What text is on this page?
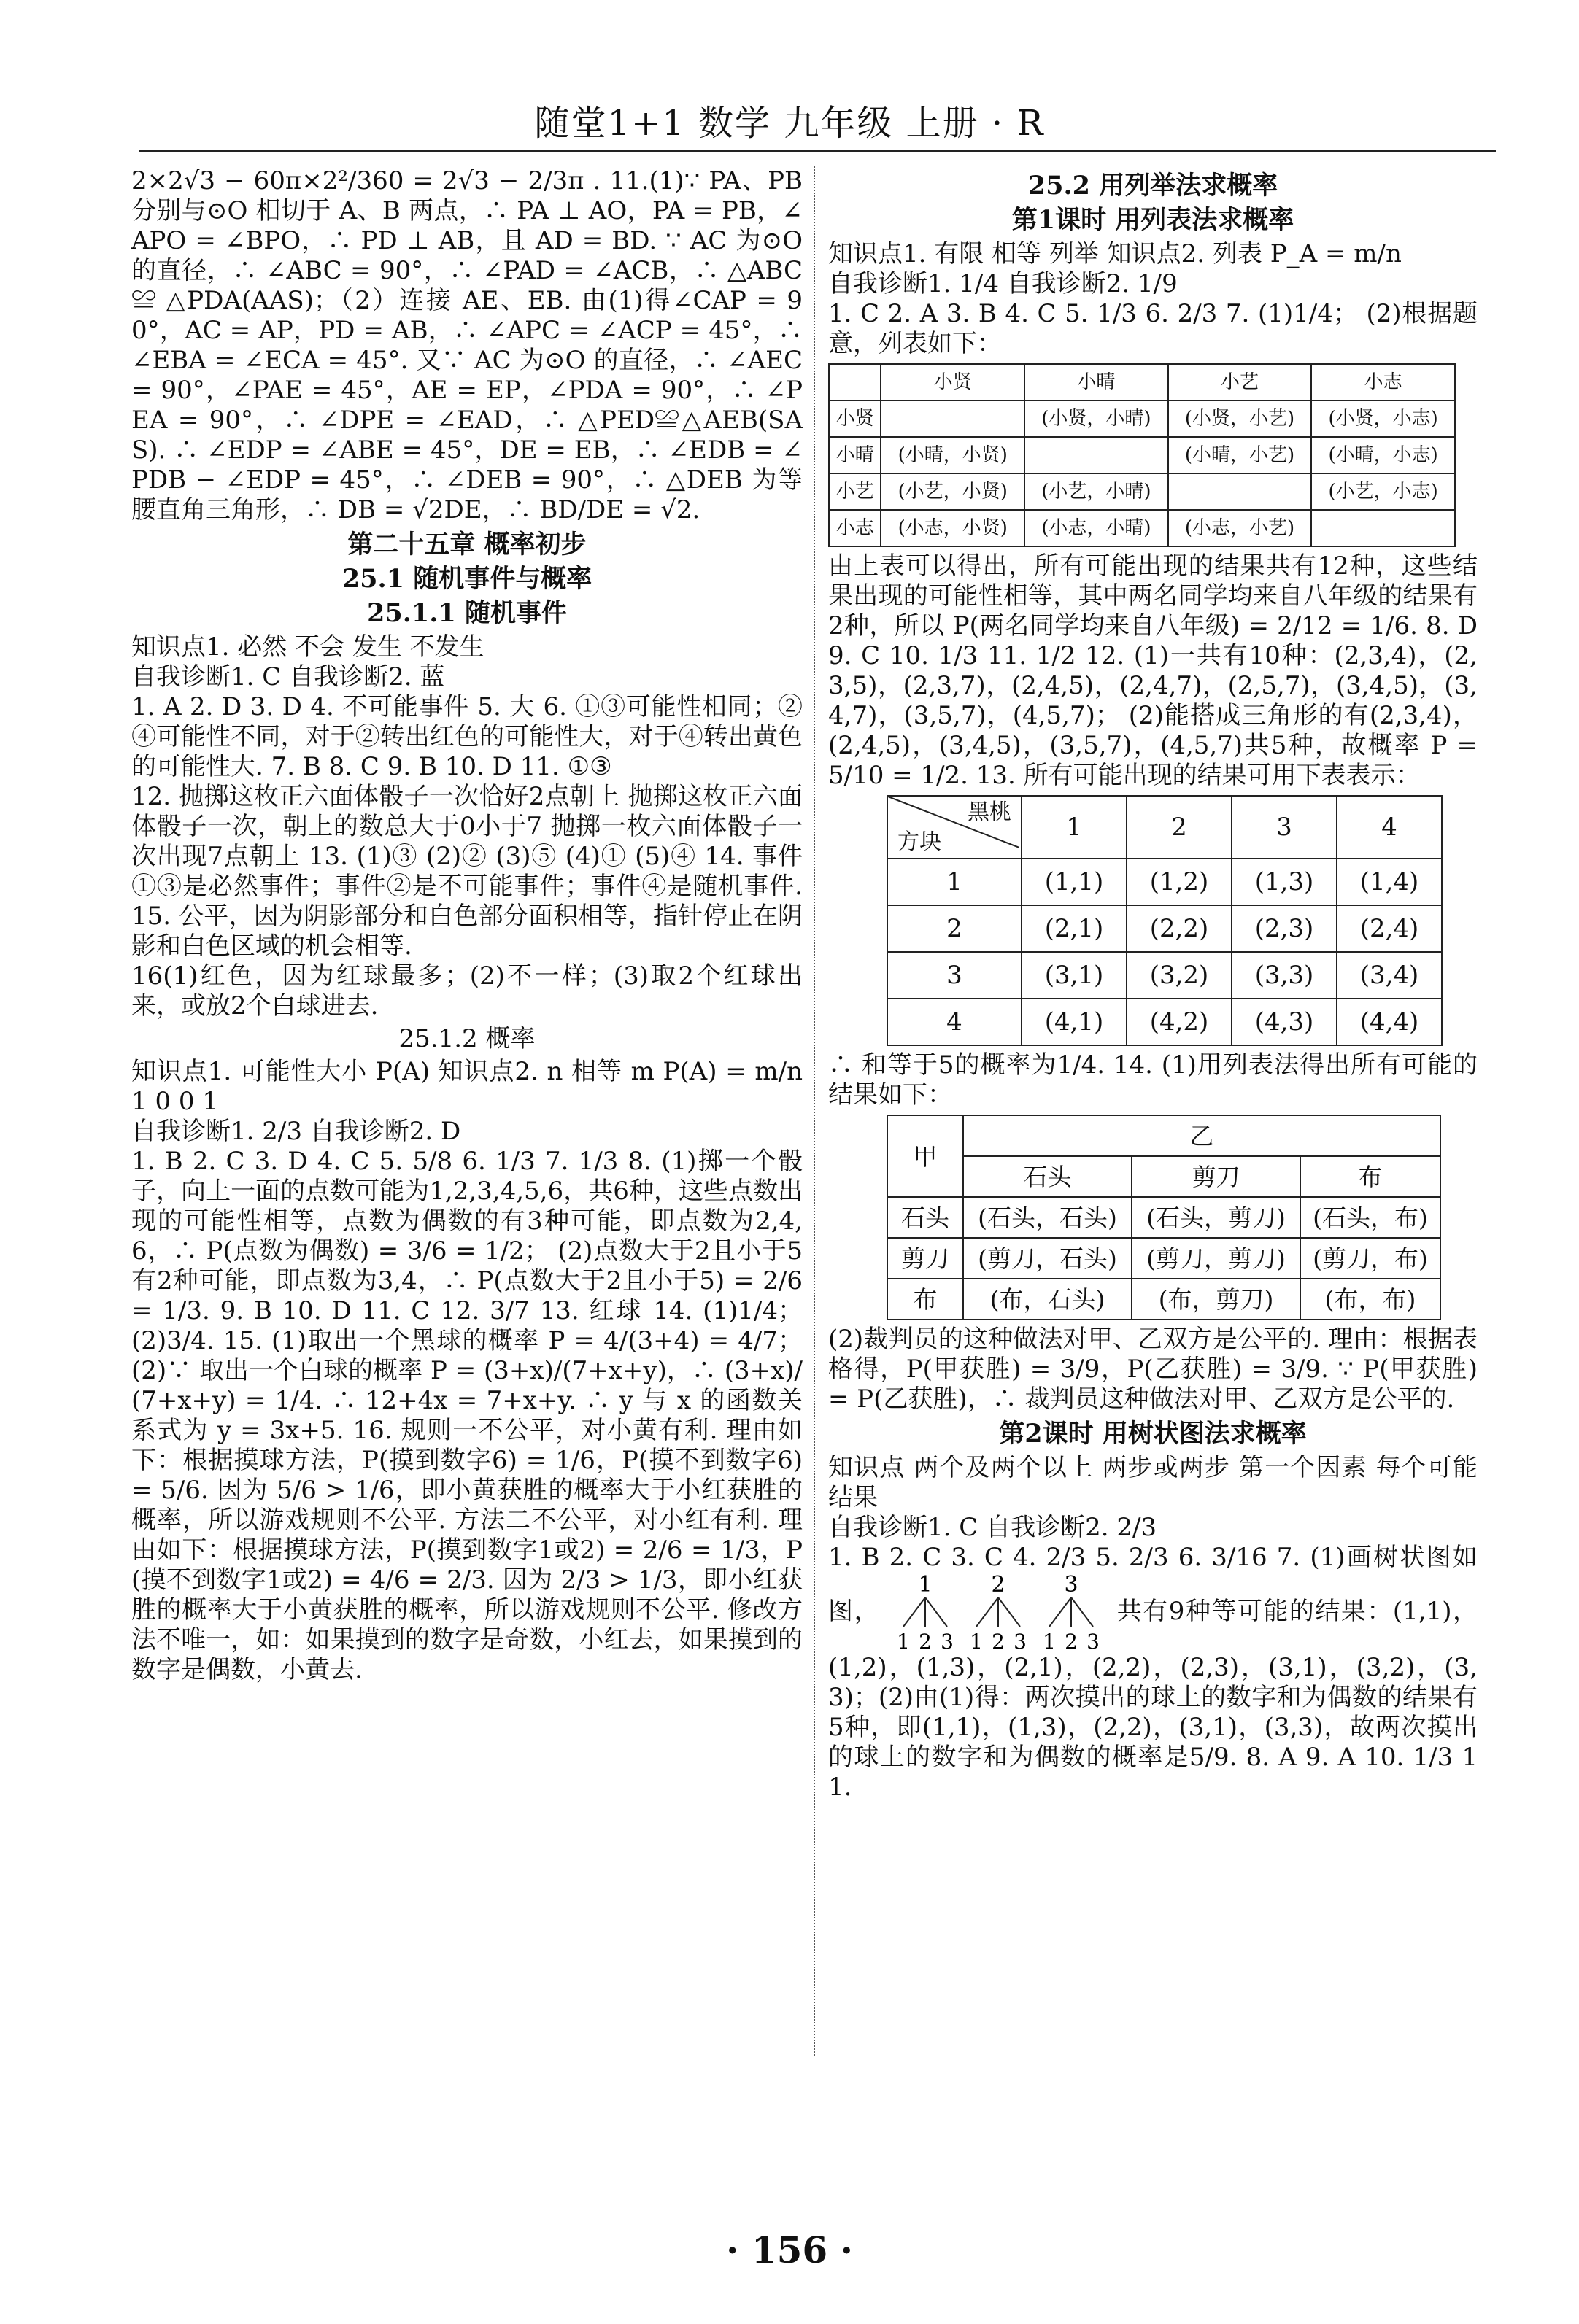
随堂1+1 数学 九年级 上册 · R

2×2√3 − 60π×2²/360 = 2√3 − 2/3π . 11.(1)∵ PA、PB 分别与⊙O 相切于 A、B 两点，∴ PA ⊥ AO，PA = PB，∠APO = ∠BPO，∴ PD ⊥ AB，且 AD = BD. ∵ AC 为⊙O 的直径，∴ ∠ABC = 90°，∴ ∠PAD = ∠ACB，∴ △ABC ≌ △PDA(AAS)；（2）连接 AE、EB. 由(1)得∠CAP = 90°，AC = AP，PD = AB，∴ ∠APC = ∠ACP = 45°，∴ ∠EBA = ∠ECA = 45°. 又∵ AC 为⊙O 的直径，∴ ∠AEC = 90°，∠PAE = 45°，AE = EP，∠PDA = 90°，∴ ∠PEA = 90°，∴ ∠DPE = ∠EAD，∴ △PED≌△AEB(SAS). ∴ ∠EDP = ∠ABE = 45°，DE = EB，∴ ∠EDB = ∠PDB − ∠EDP = 45°，∴ ∠DEB = 90°，∴ △DEB 为等腰直角三角形，∴ DB = √2DE，∴ BD/DE = √2.

第二十五章 概率初步
25.1 随机事件与概率
25.1.1 随机事件

知识点1. 必然 不会 发生 不发生

自我诊断1. C 自我诊断2. 蓝

1. A 2. D 3. D 4. 不可能事件 5. 大 6. ①③可能性相同；②④可能性不同，对于②转出红色的可能性大，对于④转出黄色的可能性大. 7. B 8. C 9. B 10. D 11. ①③

12. 抛掷这枚正六面体骰子一次恰好2点朝上 抛掷这枚正六面体骰子一次，朝上的数总大于0小于7 抛掷一枚六面体骰子一次出现7点朝上 13. (1)③ (2)② (3)⑤ (4)① (5)④ 14. 事件①③是必然事件；事件②是不可能事件；事件④是随机事件. 15. 公平，因为阴影部分和白色部分面积相等，指针停止在阴影和白色区域的机会相等.

16(1)红色，因为红球最多；(2)不一样；(3)取2个红球出来，或放2个白球进去.

25.1.2 概率

知识点1. 可能性大小 P(A) 知识点2. n 相等 m P(A) = m/n 1 0 0 1

自我诊断1. 2/3 自我诊断2. D

1. B 2. C 3. D 4. C 5. 5/8 6. 1/3 7. 1/3 8. (1)掷一个骰子，向上一面的点数可能为1,2,3,4,5,6，共6种，这些点数出现的可能性相等，点数为偶数的有3种可能，即点数为2,4,6，∴ P(点数为偶数) = 3/6 = 1/2； (2)点数大于2且小于5有2种可能，即点数为3,4，∴ P(点数大于2且小于5) = 2/6 = 1/3. 9. B 10. D 11. C 12. 3/7 13. 红球 14. (1)1/4； (2)3/4. 15. (1)取出一个黑球的概率 P = 4/(3+4) = 4/7； (2)∵ 取出一个白球的概率 P = (3+x)/(7+x+y)，∴ (3+x)/(7+x+y) = 1/4. ∴ 12+4x = 7+x+y. ∴ y 与 x 的函数关系式为 y = 3x+5. 16. 规则一不公平，对小黄有利. 理由如下：根据摸球方法，P(摸到数字6) = 1/6，P(摸不到数字6) = 5/6. 因为 5/6 > 1/6，即小黄获胜的概率大于小红获胜的概率，所以游戏规则不公平. 方法二不公平，对小红有利. 理由如下：根据摸球方法，P(摸到数字1或2) = 2/6 = 1/3，P(摸不到数字1或2) = 4/6 = 2/3. 因为 2/3 > 1/3，即小红获胜的概率大于小黄获胜的概率，所以游戏规则不公平. 修改方法不唯一，如：如果摸到的数字是奇数，小红去，如果摸到的数字是偶数，小黄去.

25.2 用列举法求概率
第1课时 用列表法求概率

知识点1. 有限 相等 列举 知识点2. 列表 P_A = m/n

自我诊断1. 1/4 自我诊断2. 1/9

1. C 2. A 3. B 4. C 5. 1/3 6. 2/3 7. (1)1/4； (2)根据题意，列表如下：

	小贤	小晴	小艺	小志
小贤		(小贤，小晴)	(小贤，小艺)	(小贤，小志)
小晴	(小晴，小贤)		(小晴，小艺)	(小晴，小志)
小艺	(小艺，小贤)	(小艺，小晴)		(小艺，小志)
小志	(小志，小贤)	(小志，小晴)	(小志，小艺)	

由上表可以得出，所有可能出现的结果共有12种，这些结果出现的可能性相等，其中两名同学均来自八年级的结果有2种，所以 P(两名同学均来自八年级) = 2/12 = 1/6. 8. D 9. C 10. 1/3 11. 1/2 12. (1)一共有10种：(2,3,4)，(2,3,5)，(2,3,7)，(2,4,5)，(2,4,7)，(2,5,7)，(3,4,5)，(3,4,7)，(3,5,7)，(4,5,7)； (2)能搭成三角形的有(2,3,4)，(2,4,5)，(3,4,5)，(3,5,7)，(4,5,7)共5种，故概率 P = 5/10 = 1/2. 13. 所有可能出现的结果可用下表表示：

黑桃
方块	1	2	3	4
1	(1,1)	(1,2)	(1,3)	(1,4)
2	(2,1)	(2,2)	(2,3)	(2,4)
3	(3,1)	(3,2)	(3,3)	(3,4)
4	(4,1)	(4,2)	(4,3)	(4,4)

∴ 和等于5的概率为1/4. 14. (1)用列表法得出所有可能的结果如下：

甲	乙		
	石头	剪刀	布
石头	(石头，石头)	(石头，剪刀)	(石头，布)
剪刀	(剪刀，石头)	(剪刀，剪刀)	(剪刀，布)
布	(布，石头)	(布，剪刀)	(布，布)

(2)裁判员的这种做法对甲、乙双方是公平的. 理由：根据表格得，P(甲获胜) = 3/9，P(乙获胜) = 3/9. ∵ P(甲获胜) = P(乙获胜)，∴ 裁判员这种做法对甲、乙双方是公平的.

第2课时 用树状图法求概率

知识点 两个及两个以上 两步或两步 第一个因素 每个可能结果

自我诊断1. C 自我诊断2. 2/3

1. B 2. C 3. C 4. 2/3 5. 2/3 6. 3/16 7. (1)画树状图如图，
1	2	3
1 2 3 1 2 3 1 2 3
共有9种等可能的结果：(1,1)，(1,2)，(1,3)，(2,1)，(2,2)，(2,3)，(3,1)，(3,2)，(3,3)；(2)由(1)得：两次摸出的球上的数字和为偶数的结果有5种，即(1,1)，(1,3)，(2,2)，(3,1)，(3,3)，故两次摸出的球上的数字和为偶数的概率是5/9. 8. A 9. A 10. 1/3 11.

· 156 ·
